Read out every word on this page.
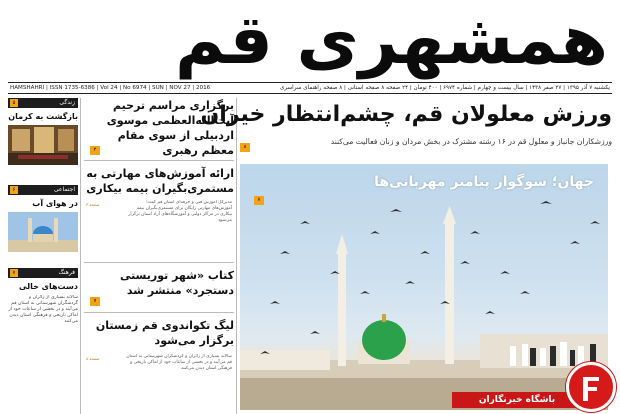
همشهری قم
HAMSHAHRI | ISSN 1735-6386 | Vol 24 | No 6974 | SUN | NOV 27 | 2016	یکشنبه ۷ آذر ۱۳۹۵ | ۲۷ صفر ۱۴۳۸ | سال بیست و چهارم | شماره ۶۹۷۴ | ۴۰۰ تومان | ۲۴ صفحه ۸ صفحه استانی | ۸ صفحه راهنمای سراسری
۵	زندگی
بازگشت به کرمان
۶	اجتماعی
در هوای آب
۷	فرهنگ
دست‌های خالی
سالانه بسیاری از زائران و گردشگران شهرستانی به استان قم می‌آیند و در بخشی از ساعات خود از اماکن تاریخی و فرهنگی استان دیدن می‌کنند
برگزاری مراسم ترحیم آیت‌الله‌العظمی موسوی اردبیلی از سوی مقام معظم رهبری
۲
ارائه آموزش‌های مهارتی به مستمری‌بگیران بیمه بیکاری
صفحه ۳	مدیرکل آموزش فنی و حرفه‌ای استان قم گفت: آموزش‌های مهارتی رایگان برای مستمری‌بگیران بیمه بیکاری در مراکز دولتی و آموزشگاه‌های آزاد استان برگزار می‌شود
کتاب «شهر توریستی دستجرد» منتشر شد
۷
لیگ تکواندوی قم زمستان برگزار می‌شود
صفحه ۸	سالانه بسیاری از زائران و گردشگران شهرستانی به استان قم می‌آیند و در بخشی از ساعات خود از اماکن تاریخی و فرهنگی استان دیدن می‌کنند
ورزش معلولان قم، چشم‌انتظار خیران
ورزشکاران جانباز و معلول قم در ۱۶ رشته مشترک در بخش مردان و زنان فعالیت می‌کنند
۸
جهان؛ سوگوار پیامبر مهربانی‌ها
۷
باشگاه خبرنگاران
